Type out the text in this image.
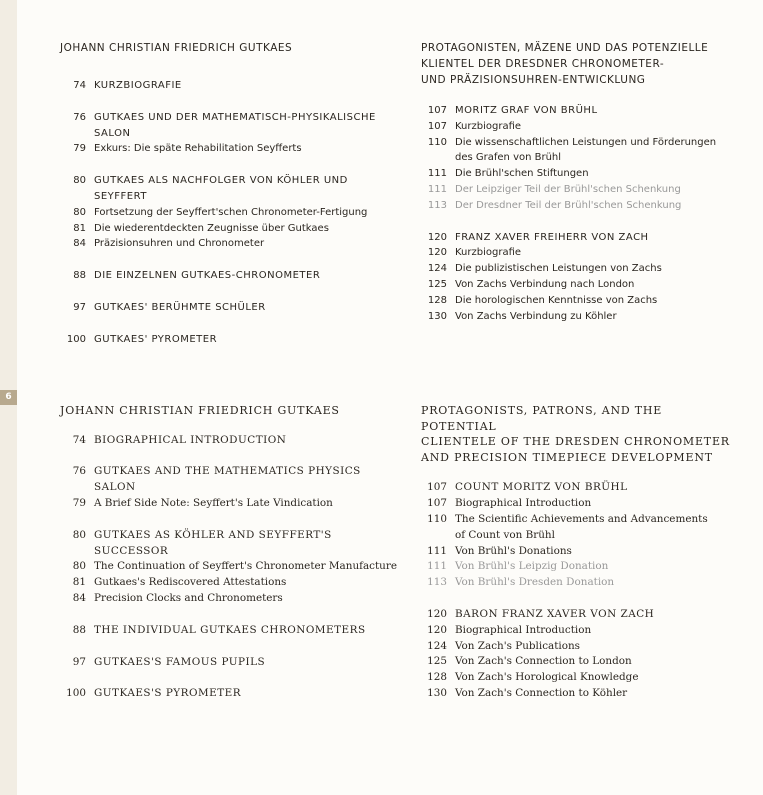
6

JOHANN CHRISTIAN FRIEDRICH GUTKAES

74 KURZBIOGRAFIE
76 GUTKAES UND DER MATHEMATISCH-PHYSIKALISCHE SALON
79 Exkurs: Die späte Rehabilitation Seyfferts
80 GUTKAES ALS NACHFOLGER VON KÖHLER UND SEYFFERT
80 Fortsetzung der Seyffert'schen Chronometer-Fertigung
81 Die wiederentdeckten Zeugnisse über Gutkaes
84 Präzisionsuhren und Chronometer
88 DIE EINZELNEN GUTKAES-CHRONOMETER
97 GUTKAES' BERÜHMTE SCHÜLER
100 GUTKAES' PYROMETER

PROTAGONISTEN, MÄZENE UND DAS POTENZIELLE

KLIENTEL DER DRESDNER CHRONOMETER-

UND PRÄZISIONSUHREN-ENTWICKLUNG

107 MORITZ GRAF VON BRÜHL
107 Kurzbiografie
110 Die wissenschaftlichen Leistungen und Förderungen
des Grafen von Brühl
111 Die Brühl'schen Stiftungen
111 Der Leipziger Teil der Brühl'schen Schenkung
113 Der Dresdner Teil der Brühl'schen Schenkung
120 FRANZ XAVER FREIHERR VON ZACH
120 Kurzbiografie
124 Die publizistischen Leistungen von Zachs
125 Von Zachs Verbindung nach London
128 Die horologischen Kenntnisse von Zachs
130 Von Zachs Verbindung zu Köhler

JOHANN CHRISTIAN FRIEDRICH GUTKAES

74 BIOGRAPHICAL INTRODUCTION
76 GUTKAES AND THE MATHEMATICS PHYSICS SALON
79 A Brief Side Note: Seyffert's Late Vindication
80 GUTKAES AS KÖHLER AND SEYFFERT'S SUCCESSOR
80 The Continuation of Seyffert's Chronometer Manufacture
81 Gutkaes's Rediscovered Attestations
84 Precision Clocks and Chronometers
88 THE INDIVIDUAL GUTKAES CHRONOMETERS
97 GUTKAES'S FAMOUS PUPILS
100 GUTKAES'S PYROMETER

PROTAGONISTS, PATRONS, AND THE POTENTIAL

CLIENTELE OF THE DRESDEN CHRONOMETER

AND PRECISION TIMEPIECE DEVELOPMENT

107 COUNT MORITZ VON BRÜHL
107 Biographical Introduction
110 The Scientific Achievements and Advancements
of Count von Brühl
111 Von Brühl's Donations
111 Von Brühl's Leipzig Donation
113 Von Brühl's Dresden Donation
120 BARON FRANZ XAVER VON ZACH
120 Biographical Introduction
124 Von Zach's Publications
125 Von Zach's Connection to London
128 Von Zach's Horological Knowledge
130 Von Zach's Connection to Köhler
